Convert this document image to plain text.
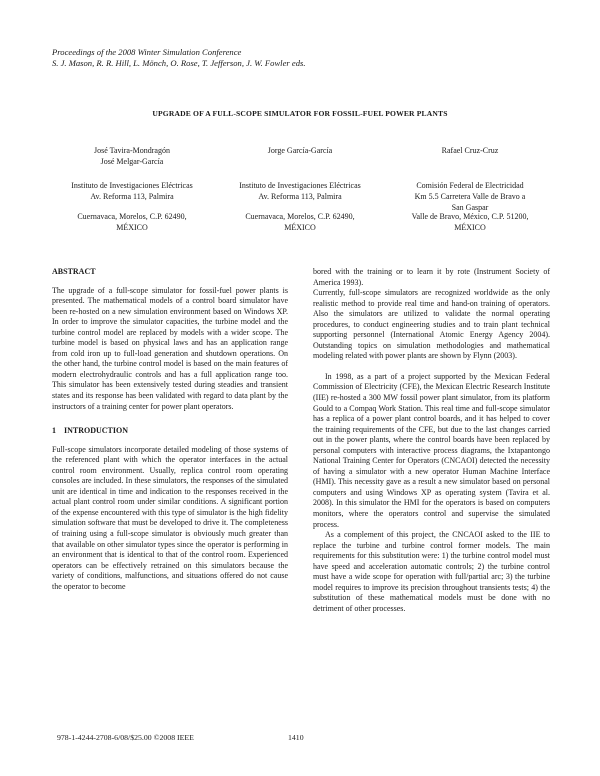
Proceedings of the 2008 Winter Simulation Conference
S. J. Mason, R. R. Hill, L. Mönch, O. Rose, T. Jefferson, J. W. Fowler eds.
UPGRADE OF A FULL-SCOPE SIMULATOR FOR FOSSIL-FUEL POWER PLANTS
José Tavira-Mondragón
José Melgar-García
Instituto de Investigaciones Eléctricas
Av. Reforma 113, Palmira
Cuernavaca, Morelos, C.P. 62490,
MÉXICO
Jorge García-García
Instituto de Investigaciones Eléctricas
Av. Reforma 113, Palmira
Cuernavaca, Morelos, C.P. 62490,
MÉXICO
Rafael Cruz-Cruz
Comisión Federal de Electricidad
Km 5.5 Carretera Valle de Bravo a
San Gaspar
Valle de Bravo, México, C.P. 51200,
MÉXICO
ABSTRACT

The upgrade of a full-scope simulator for fossil-fuel power plants is presented. The mathematical models of a control board simulator have been re-hosted on a new simulation environment based on Windows XP. In order to improve the simulator capacities, the turbine model and the turbine control model are replaced by models with a wider scope. The turbine model is based on physical laws and has an application range from cold iron up to full-load generation and shutdown operations. On the other hand, the turbine control model is based on the main features of modern electrohydraulic controls and has a full application range too. This simulator has been extensively tested during steadies and transient states and its response has been validated with regard to data plant by the instructors of a training center for power plant operators.

1    INTRODUCTION

Full-scope simulators incorporate detailed modeling of those systems of the referenced plant with which the operator interfaces in the actual control room environment. Usually, replica control room operating consoles are included. In these simulators, the responses of the simulated unit are identical in time and indication to the responses received in the actual plant control room under similar conditions. A significant portion of the expense encountered with this type of simulator is the high fidelity simulation software that must be developed to drive it. The completeness of training using a full-scope simulator is obviously much greater than that available on other simulator types since the operator is performing in an environment that is identical to that of the control room. Experienced operators can be effectively retrained on this simulators because the variety of conditions, malfunctions, and situations offered do not cause the operator to become

bored with the training or to learn it by rote (Instrument Society of America 1993).

Currently, full-scope simulators are recognized worldwide as the only realistic method to provide real time and hand-on training of operators. Also the simulators are utilized to validate the normal operating procedures, to conduct engineering studies and to train plant technical supporting personnel (International Atomic Energy Agency 2004). Outstanding topics on simulation methodologies and mathematical modeling related with power plants are shown by Flynn (2003).

In 1998, as a part of a project supported by the Mexican Federal Commission of Electricity (CFE), the Mexican Electric Research Institute (IIE) re-hosted a 300 MW fossil power plant simulator, from its platform Gould to a Compaq Work Station. This real time and full-scope simulator has a replica of a power plant control boards, and it has helped to cover the training requirements of the CFE, but due to the last changes carried out in the power plants, where the control boards have been replaced by personal computers with interactive process diagrams, the Ixtapantongo National Training Center for Operators (CNCAOI) detected the necessity of having a simulator with a new operator Human Machine Interface (HMI). This necessity gave as a result a new simulator based on personal computers and using Windows XP as operating system (Tavira et al. 2008). In this simulator the HMI for the operators is based on computers monitors, where the operators control and supervise the simulated process.

As a complement of this project, the CNCAOI asked to the IIE to replace the turbine and turbine control former models. The main requirements for this substitution were: 1) the turbine control model must have speed and acceleration automatic controls; 2) the turbine control must have a wide scope for operation with full/partial arc; 3) the turbine model requires to improve its precision throughout transients tests; 4) the substitution of these mathematical models must be done with no detriment of other processes.

978-1-4244-2708-6/08/$25.00 ©2008 IEEE	1410
